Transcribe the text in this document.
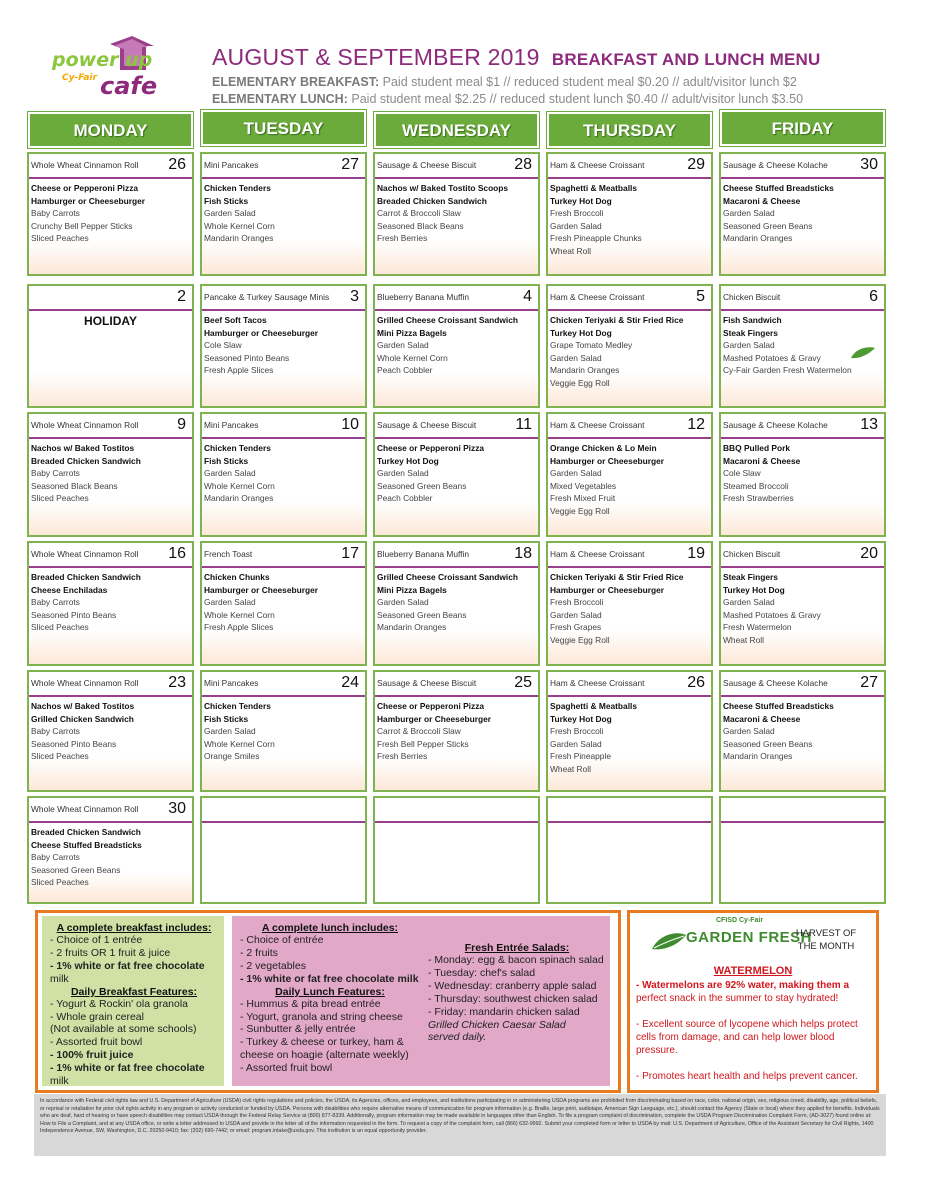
power up
Cy-Fair cafe
AUGUST & SEPTEMBER 2019 BREAKFAST AND LUNCH MENU
ELEMENTARY BREAKFAST: Paid student meal $1 // reduced student meal $0.20 // adult/visitor lunch $2
ELEMENTARY LUNCH: Paid student meal $2.25 // reduced student lunch $0.40 // adult/visitor lunch $3.50
MONDAY	TUESDAY	WEDNESDAY	THURSDAY	FRIDAY
Whole Wheat Cinnamon Roll 26
Cheese or Pepperoni Pizza
Hamburger or Cheeseburger
Baby Carrots
Crunchy Bell Pepper Sticks
Sliced Peaches
Mini Pancakes	27
Chicken Tenders
Fish Sticks
Garden Salad
Whole Kernel Corn
Mandarin Oranges
Sausage & Cheese Biscuit 28
Nachos w/ Baked Tostito Scoops
Breaded Chicken Sandwich
Carrot & Broccoli Slaw
Seasoned Black Beans
Fresh Berries
Ham & Cheese Croissant	29
Spaghetti & Meatballs
Turkey Hot Dog
Fresh Broccoli
Garden Salad
Fresh Pineapple Chunks
Wheat Roll
Sausage & Cheese Kolache 30
Cheese Stuffed Breadsticks
Macaroni & Cheese
Garden Salad
Seasoned Green Beans
Mandarin Oranges
2
HOLIDAY
Pancake & Turkey Sausage Minis 3
Beef Soft Tacos
Hamburger or Cheeseburger
Cole Slaw
Seasoned Pinto Beans
Fresh Apple Slices
Blueberry Banana Muffin	4
Grilled Cheese Croissant Sandwich
Mini Pizza Bagels
Garden Salad
Whole Kernel Corn
Peach Cobbler
Ham & Cheese Croissant	5
Chicken Teriyaki & Stir Fried Rice
Turkey Hot Dog
Grape Tomato Medley
Garden Salad
Mandarin Oranges
Veggie Egg Roll
Chicken Biscuit	6
Fish Sandwich
Steak Fingers
Garden Salad
Mashed Potatoes & Gravy
Cy-Fair Garden Fresh Watermelon
Whole Wheat Cinnamon Roll 9
Nachos w/ Baked Tostitos
Breaded Chicken Sandwich
Baby Carrots
Seasoned Black Beans
Sliced Peaches
Mini Pancakes	10
Chicken Tenders
Fish Sticks
Garden Salad
Whole Kernel Corn
Mandarin Oranges
Sausage & Cheese Biscuit 11
Cheese or Pepperoni Pizza
Turkey Hot Dog
Garden Salad
Seasoned Green Beans
Peach Cobbler
Ham & Cheese Croissant	12
Orange Chicken & Lo Mein
Hamburger or Cheeseburger
Garden Salad
Mixed Vegetables
Fresh Mixed Fruit
Veggie Egg Roll
Sausage & Cheese Kolache 13
BBQ Pulled Pork
Macaroni & Cheese
Cole Slaw
Steamed Broccoli
Fresh Strawberries
Whole Wheat Cinnamon Roll 16
Breaded Chicken Sandwich
Cheese Enchiladas
Baby Carrots
Seasoned Pinto Beans
Sliced Peaches
French Toast	17
Chicken Chunks
Hamburger or Cheeseburger
Garden Salad
Whole Kernel Corn
Fresh Apple Slices
Blueberry Banana Muffin	18
Grilled Cheese Croissant Sandwich
Mini Pizza Bagels
Garden Salad
Seasoned Green Beans
Mandarin Oranges
Ham & Cheese Croissant	19
Chicken Teriyaki & Stir Fried Rice
Hamburger or Cheeseburger
Fresh Broccoli
Garden Salad
Fresh Grapes
Veggie Egg Roll
Chicken Biscuit	20
Steak Fingers
Turkey Hot Dog
Garden Salad
Mashed Potatoes & Gravy
Fresh Watermelon
Wheat Roll
Whole Wheat Cinnamon Roll 23
Nachos w/ Baked Tostitos
Grilled Chicken Sandwich
Baby Carrots
Seasoned Pinto Beans
Sliced Peaches
Mini Pancakes	24
Chicken Tenders
Fish Sticks
Garden Salad
Whole Kernel Corn
Orange Smiles
Sausage & Cheese Biscuit 25
Cheese or Pepperoni Pizza
Hamburger or Cheeseburger
Carrot & Broccoli Slaw
Fresh Bell Pepper Sticks
Fresh Berries
Ham & Cheese Croissant	26
Spaghetti & Meatballs
Turkey Hot Dog
Fresh Broccoli
Garden Salad
Fresh Pineapple
Wheat Roll
Sausage & Cheese Kolache 27
Cheese Stuffed Breadsticks
Macaroni & Cheese
Garden Salad
Seasoned Green Beans
Mandarin Oranges
Whole Wheat Cinnamon Roll 30
Breaded Chicken Sandwich
Cheese Stuffed Breadsticks
Baby Carrots
Seasoned Green Beans
Sliced Peaches
A complete breakfast includes:
- Choice of 1 entrée
- 2 fruits OR 1 fruit & juice
- 1% white or fat free chocolate
milk
Daily Breakfast Features:
- Yogurt & Rockin' ola granola
- Whole grain cereal
(Not available at some schools)
- Assorted fruit bowl
- 100% fruit juice
- 1% white or fat free chocolate
milk
A complete lunch includes:
- Choice of entrée
- 2 fruits
- 2 vegetables
- 1% white or fat free chocolate milk
Daily Lunch Features:
- Hummus & pita bread entrée
- Yogurt, granola and string cheese
- Sunbutter & jelly entrée
- Turkey & cheese or turkey, ham &
cheese on hoagie (alternate weekly)
- Assorted fruit bowl
Fresh Entrée Salads:
- Monday: egg & bacon spinach salad
- Tuesday: chef's salad
- Wednesday: cranberry apple salad
- Thursday: southwest chicken salad
- Friday: mandarin chicken salad
Grilled Chicken Caesar Salad
served daily.
CFISD Cy-Fair
GARDEN FRESH
HARVEST OF THE MONTH
WATERMELON

- Watermelons are 92% water, making them a
perfect snack in the summer to stay hydrated!

- Excellent source of lycopene which helps protect cells from damage, and can help lower blood pressure.

- Promotes heart health and helps prevent cancer.

In accordance with Federal civil rights law and U.S. Department of Agriculture (USDA) civil rights regulations and policies, the USDA, its Agencies, offices, and employees, and institutions participating in or administering USDA programs are prohibited from discriminating based on race, color, national origin, sex, religious creed, disability, age, political beliefs, or reprisal or retaliation for prior civil rights activity in any program or activity conducted or funded by USDA. Persons with disabilities who require alternative means of communication for program information (e.g. Braille, large print, audiotape, American Sign Language, etc.), should contact the Agency (State or local) where they applied for benefits. Individuals who are deaf, hard of hearing or have speech disabilities may contact USDA through the Federal Relay Service at (800) 877-8339. Additionally, program information may be made available in languages other than English. To file a program complaint of discrimination, complete the USDA Program Discrimination Complaint Form, (AD-3027) found online at: How to File a Complaint, and at any USDA office, or write a letter addressed to USDA and provide in the letter all of the information requested in the form. To request a copy of the complaint form, call (866) 632-9992. Submit your completed form or letter to USDA by mail: U.S. Department of Agriculture, Office of the Assistant Secretary for Civil Rights, 1400 Independence Avenue, SW, Washington, D.C. 20250-9410; fax: (202) 690-7442; or email: program.intake@usda.gov. This institution is an equal opportunity provider.
